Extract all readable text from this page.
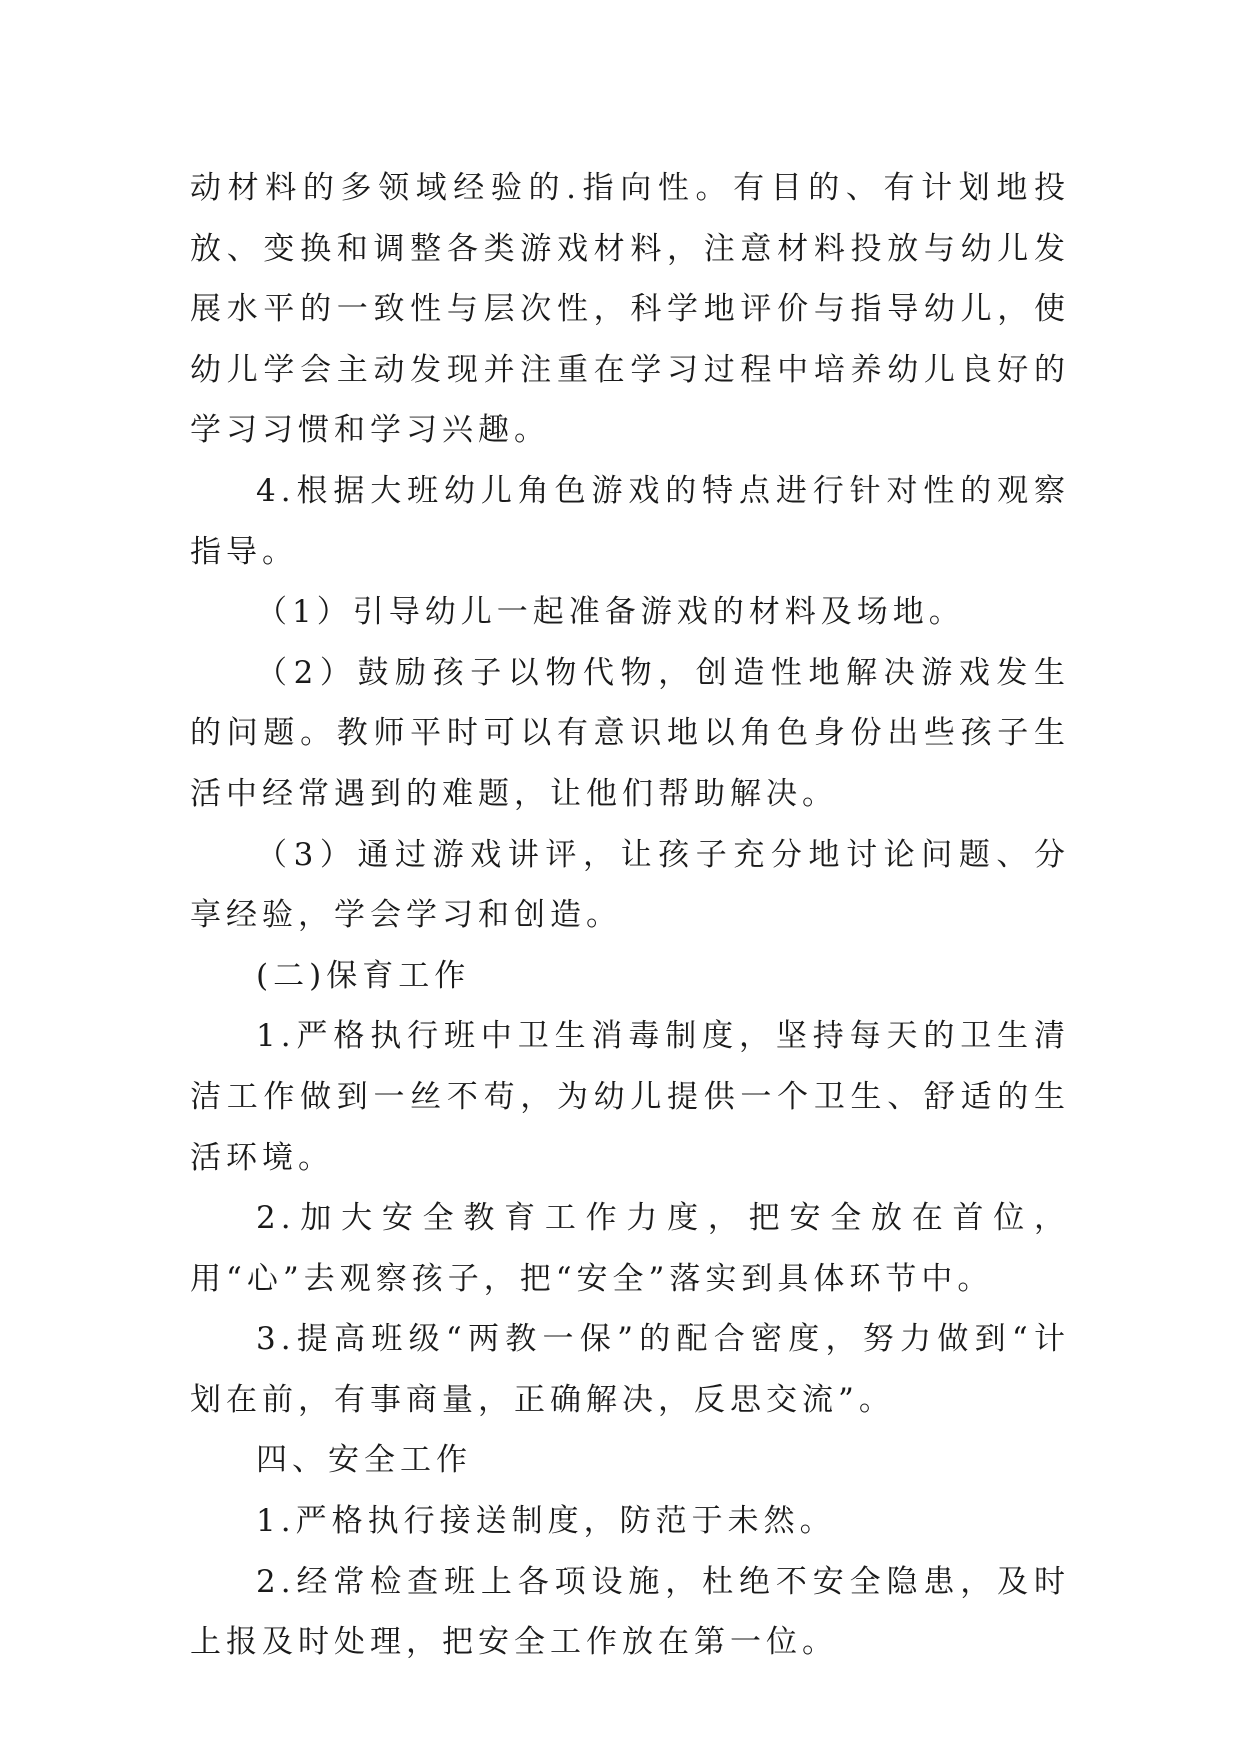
动材料的多领域经验的.指向性。有目的、有计划地投放、变换和调整各类游戏材料，注意材料投放与幼儿发展水平的一致性与层次性，科学地评价与指导幼儿，使幼儿学会主动发现并注重在学习过程中培养幼儿良好的学习习惯和学习兴趣。

4.根据大班幼儿角色游戏的特点进行针对性的观察指导。

（1）引导幼儿一起准备游戏的材料及场地。

（2）鼓励孩子以物代物，创造性地解决游戏发生的问题。教师平时可以有意识地以角色身份出些孩子生活中经常遇到的难题，让他们帮助解决。

（3）通过游戏讲评，让孩子充分地讨论问题、分享经验，学会学习和创造。

(二)保育工作

1.严格执行班中卫生消毒制度，坚持每天的卫生清洁工作做到一丝不苟，为幼儿提供一个卫生、舒适的生活环境。

2.加大安全教育工作力度，把安全放在首位，用“心”去观察孩子，把“安全”落实到具体环节中。

3.提高班级“两教一保”的配合密度，努力做到“计划在前，有事商量，正确解决，反思交流”。

四、安全工作

1.严格执行接送制度，防范于未然。

2.经常检查班上各项设施，杜绝不安全隐患，及时上报及时处理，把安全工作放在第一位。
